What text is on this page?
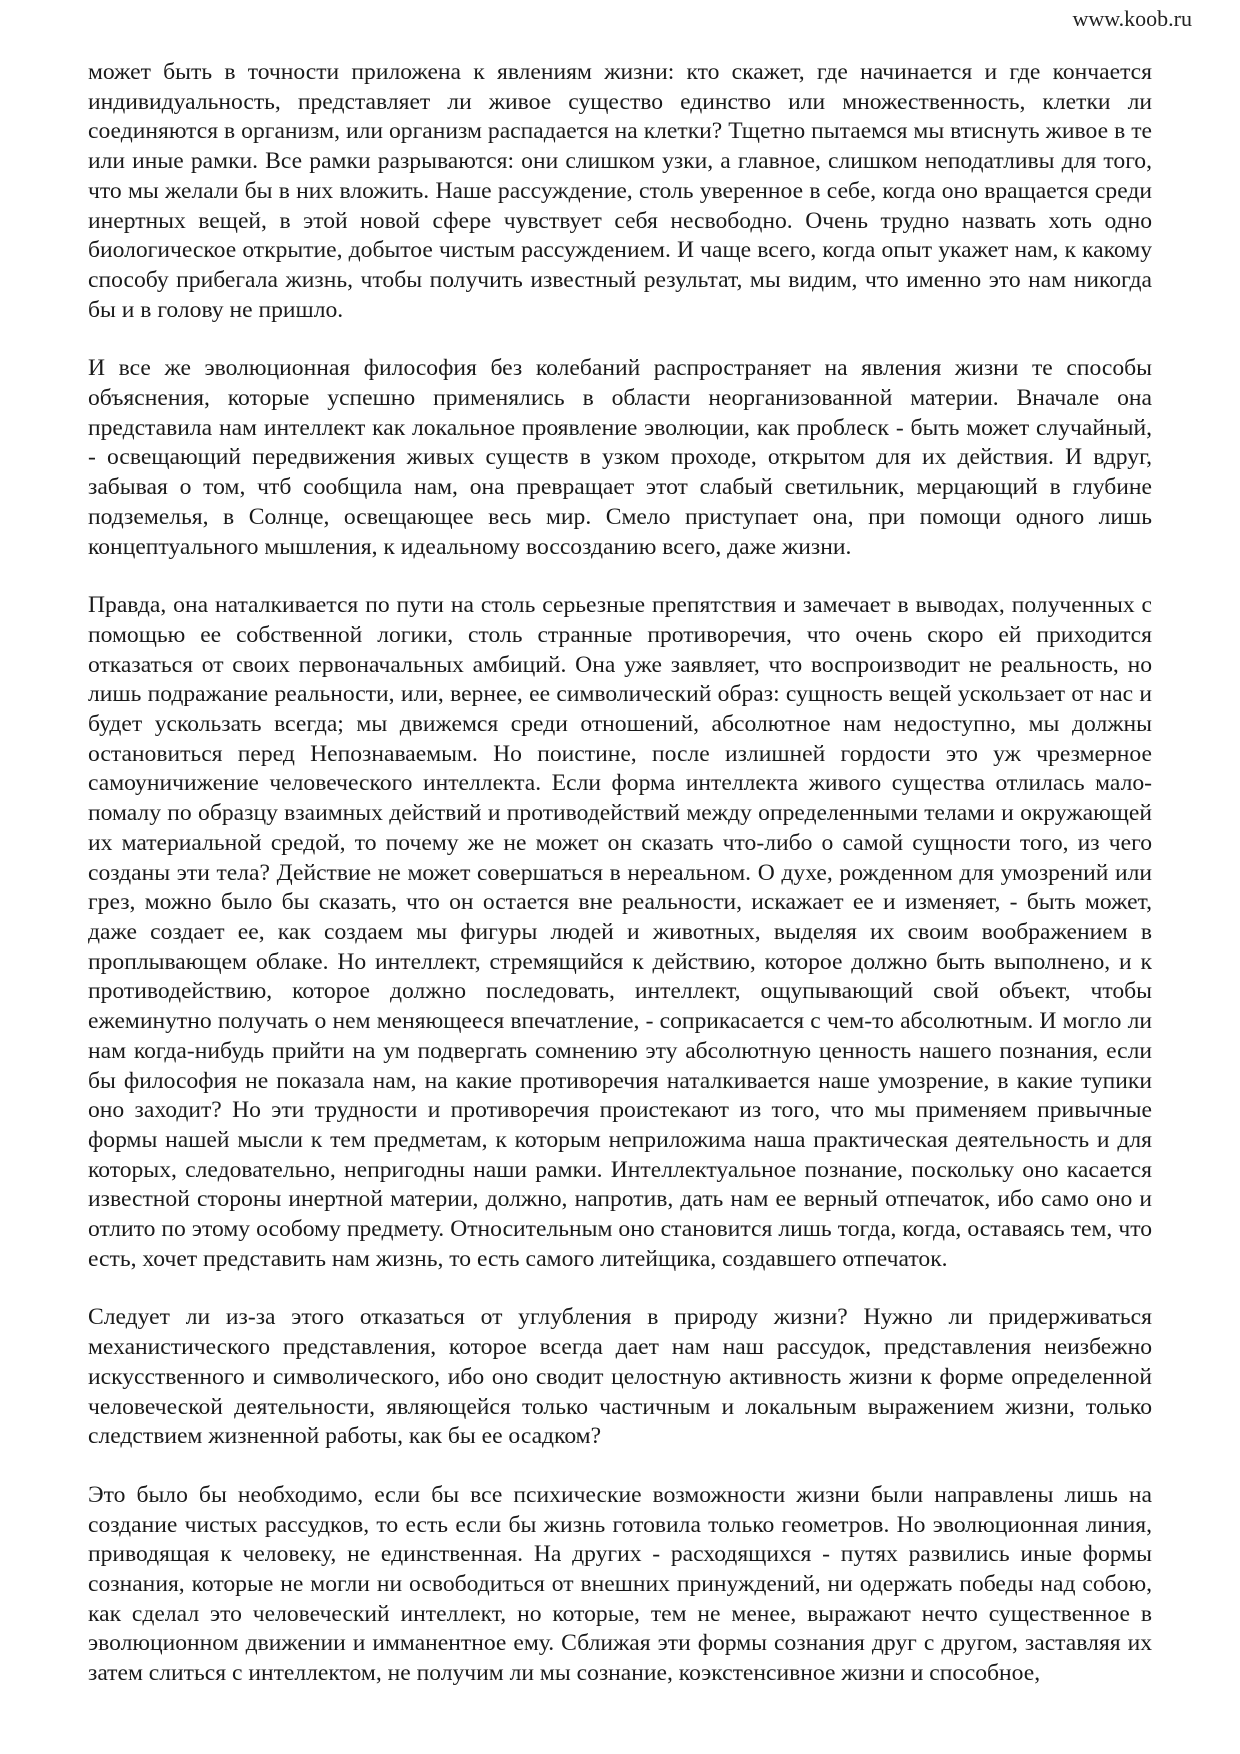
www.koob.ru

может быть в точности приложена к явлениям жизни: кто скажет, где начинается и где кончается индивидуальность, представляет ли живое существо единство или множественность, клетки ли соединяются в организм, или организм распадается на клетки? Тщетно пытаемся мы втиснуть живое в те или иные рамки. Все рамки разрываются: они слишком узки, а главное, слишком неподатливы для того, что мы желали бы в них вложить. Наше рассуждение, столь уверенное в себе, когда оно вращается среди инертных вещей, в этой новой сфере чувствует себя несвободно. Очень трудно назвать хоть одно биологическое открытие, добытое чистым рассуждением. И чаще всего, когда опыт укажет нам, к какому способу прибегала жизнь, чтобы получить известный результат, мы видим, что именно это нам никогда бы и в голову не пришло.

И все же эволюционная философия без колебаний распространяет на явления жизни те способы объяснения, которые успешно применялись в области неорганизованной материи. Вначале она представила нам интеллект как локальное проявление эволюции, как проблеск - быть может случайный, - освещающий передвижения живых существ в узком проходе, открытом для их действия. И вдруг, забывая о том, чтб сообщила нам, она превращает этот слабый светильник, мерцающий в глубине подземелья, в Солнце, освещающее весь мир. Смело приступает она, при помощи одного лишь концептуального мышления, к идеальному воссозданию всего, даже жизни.

Правда, она наталкивается по пути на столь серьезные препятствия и замечает в выводах, полученных с помощью ее собственной логики, столь странные противоречия, что очень скоро ей приходится отказаться от своих первоначальных амбиций. Она уже заявляет, что воспроизводит не реальность, но лишь подражание реальности, или, вернее, ее символический образ: сущность вещей ускользает от нас и будет ускользать всегда; мы движемся среди отношений, абсолютное нам недоступно, мы должны остановиться перед Непознаваемым. Но поистине, после излишней гордости это уж чрезмерное самоуничижение человеческого интеллекта. Если форма интеллекта живого существа отлилась мало-помалу по образцу взаимных действий и противодействий между определенными телами и окружающей их материальной средой, то почему же не может он сказать что-либо о самой сущности того, из чего созданы эти тела? Действие не может совершаться в нереальном. О духе, рожденном для умозрений или грез, можно было бы сказать, что он остается вне реальности, искажает ее и изменяет, - быть может, даже создает ее, как создаем мы фигуры людей и животных, выделяя их своим воображением в проплывающем облаке. Но интеллект, стремящийся к действию, которое должно быть выполнено, и к противодействию, которое должно последовать, интеллект, ощупывающий свой объект, чтобы ежеминутно получать о нем меняющееся впечатление, - соприкасается с чем-то абсолютным. И могло ли нам когда-нибудь прийти на ум подвергать сомнению эту абсолютную ценность нашего познания, если бы философия не показала нам, на какие противоречия наталкивается наше умозрение, в какие тупики оно заходит? Но эти трудности и противоречия проистекают из того, что мы применяем привычные формы нашей мысли к тем предметам, к которым неприложима наша практическая деятельность и для которых, следовательно, непригодны наши рамки. Интеллектуальное познание, поскольку оно касается известной стороны инертной материи, должно, напротив, дать нам ее верный отпечаток, ибо само оно и отлито по этому особому предмету. Относительным оно становится лишь тогда, когда, оставаясь тем, что есть, хочет представить нам жизнь, то есть самого литейщика, создавшего отпечаток.

Следует ли из-за этого отказаться от углубления в природу жизни? Нужно ли придерживаться механистического представления, которое всегда дает нам наш рассудок, представления неизбежно искусственного и символического, ибо оно сводит целостную активность жизни к форме определенной человеческой деятельности, являющейся только частичным и локальным выражением жизни, только следствием жизненной работы, как бы ее осадком?

Это было бы необходимо, если бы все психические возможности жизни были направлены лишь на создание чистых рассудков, то есть если бы жизнь готовила только геометров. Но эволюционная линия, приводящая к человеку, не единственная. На других - расходящихся - путях развились иные формы сознания, которые не могли ни освободиться от внешних принуждений, ни одержать победы над собою, как сделал это человеческий интеллект, но которые, тем не менее, выражают нечто существенное в эволюционном движении и имманентное ему. Сближая эти формы сознания друг с другом, заставляя их затем слиться с интеллектом, не получим ли мы сознание, коэкстенсивное жизни и способное,
